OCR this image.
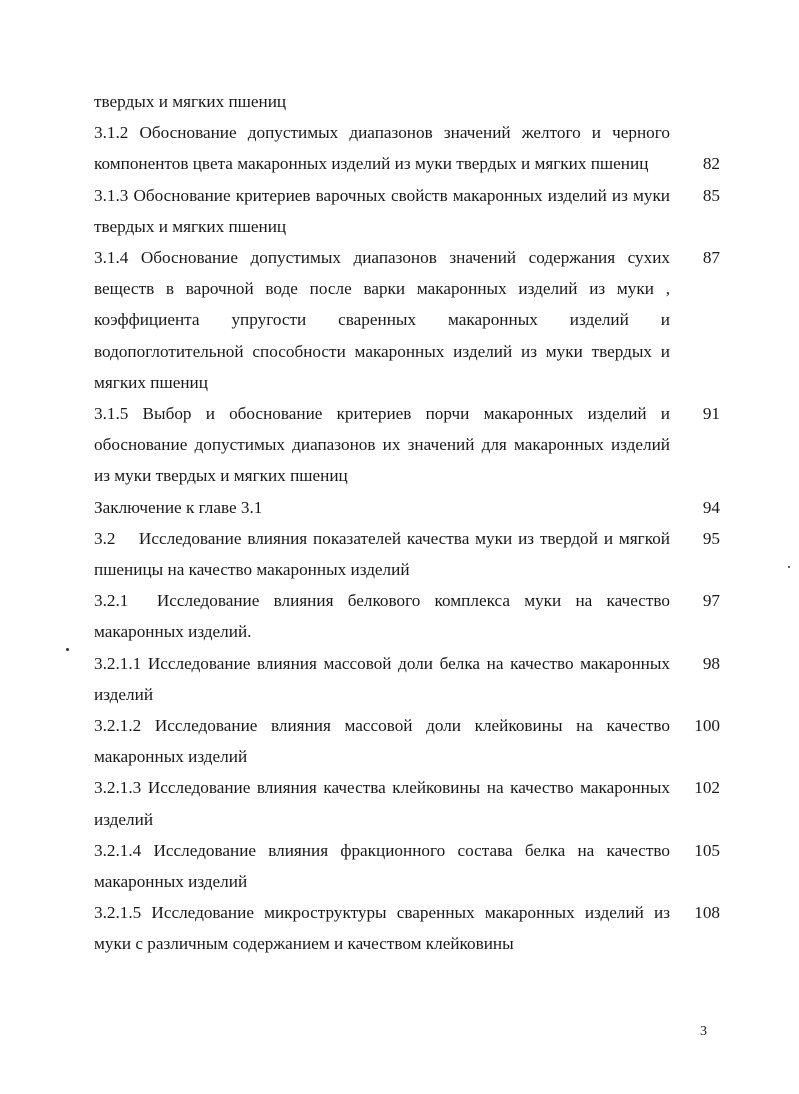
твердых и мягких пшениц
3.1.2 Обоснование допустимых диапазонов значений желтого и черного компонентов цвета макаронных изделий из муки твердых и мягких пшениц	82
3.1.3 Обоснование критериев варочных свойств макаронных изделий из муки твердых и мягких пшениц
85
3.1.4 Обоснование допустимых диапазонов значений содержания сухих веществ в варочной воде после варки макаронных изделий из муки , коэффициента упругости сваренных макаронных изделий и водопоглотительной способности макаронных изделий из муки твердых и мягких пшениц
87
3.1.5 Выбор и обоснование критериев порчи макаронных изделий и обоснование допустимых диапазонов их значений для макаронных изделий из муки твердых и мягких пшениц
91
Заключение к главе 3.1	94
3.2    Исследование влияния показателей качества муки из твердой и мягкой пшеницы на качество макаронных изделий
95
3.2.1  Исследование влияния белкового комплекса муки на качество макаронных изделий.
97
3.2.1.1 Исследование влияния массовой доли белка на качество макаронных изделий
98
3.2.1.2 Исследование влияния массовой доли клейковины на качество макаронных изделий
100
3.2.1.3 Исследование влияния качества клейковины на качество макаронных изделий
102
3.2.1.4 Исследование влияния фракционного состава белка на качество макаронных изделий
105
3.2.1.5 Исследование микроструктуры сваренных макаронных изделий из муки с различным содержанием и качеством клейковины
108
3
